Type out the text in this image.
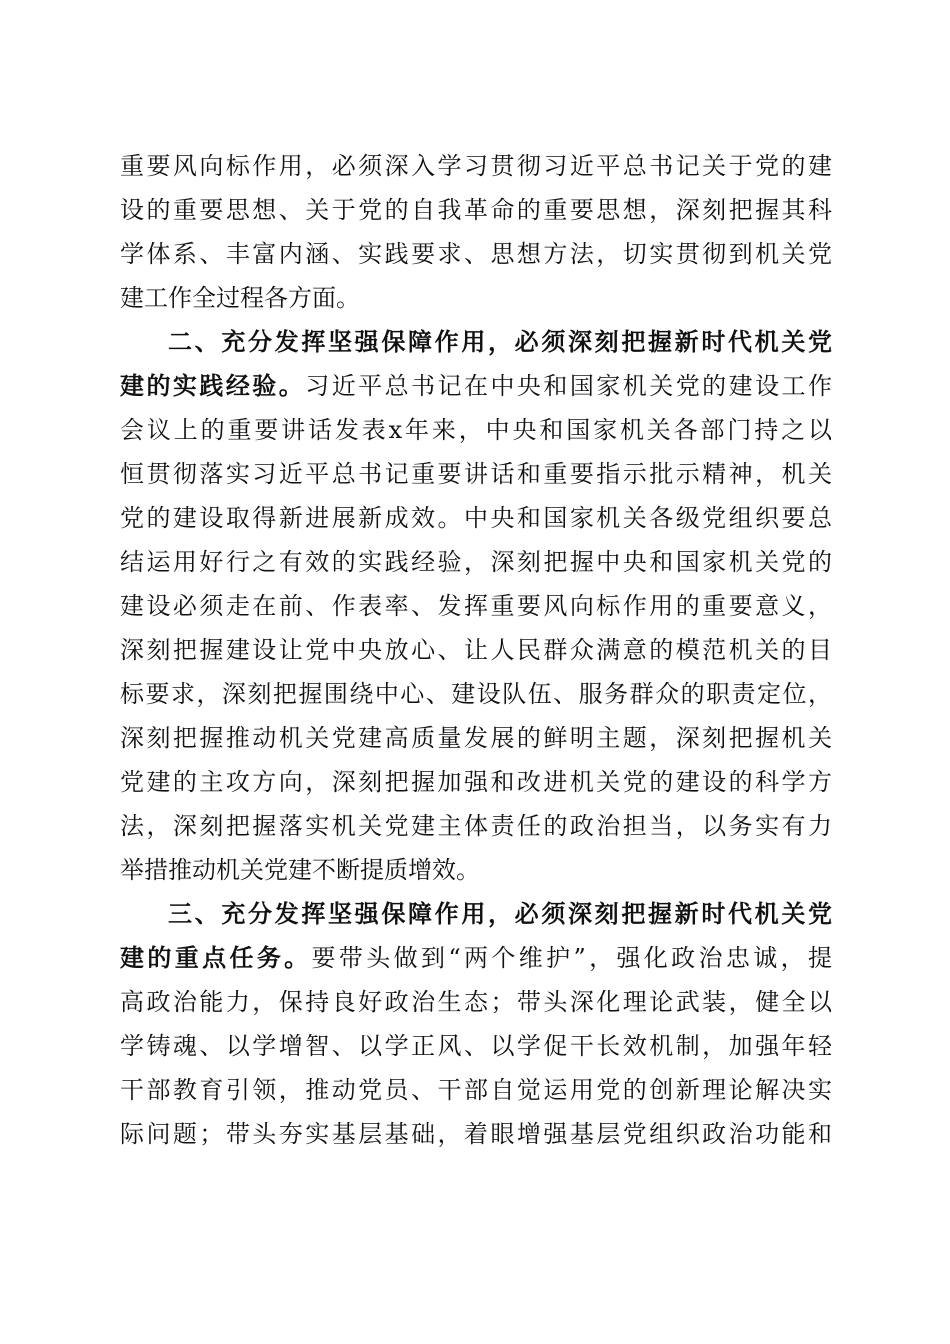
重要风向标作用，必须深入学习贯彻习近平总书记关于党的建
设的重要思想、关于党的自我革命的重要思想，深刻把握其科
学体系、丰富内涵、实践要求、思想方法，切实贯彻到机关党
建工作全过程各方面。
二、充分发挥坚强保障作用，必须深刻把握新时代机关党
建的实践经验。习近平总书记在中央和国家机关党的建设工作
会议上的重要讲话发表x年来，中央和国家机关各部门持之以
恒贯彻落实习近平总书记重要讲话和重要指示批示精神，机关
党的建设取得新进展新成效。中央和国家机关各级党组织要总
结运用好行之有效的实践经验，深刻把握中央和国家机关党的
建设必须走在前、作表率、发挥重要风向标作用的重要意义，
深刻把握建设让党中央放心、让人民群众满意的模范机关的目
标要求，深刻把握围绕中心、建设队伍、服务群众的职责定位，
深刻把握推动机关党建高质量发展的鲜明主题，深刻把握机关
党建的主攻方向，深刻把握加强和改进机关党的建设的科学方
法，深刻把握落实机关党建主体责任的政治担当，以务实有力
举措推动机关党建不断提质增效。
三、充分发挥坚强保障作用，必须深刻把握新时代机关党
建的重点任务。要带头做到“两个维护”，强化政治忠诚，提
高政治能力，保持良好政治生态；带头深化理论武装，健全以
学铸魂、以学增智、以学正风、以学促干长效机制，加强年轻
干部教育引领，推动党员、干部自觉运用党的创新理论解决实
际问题；带头夯实基层基础，着眼增强基层党组织政治功能和
